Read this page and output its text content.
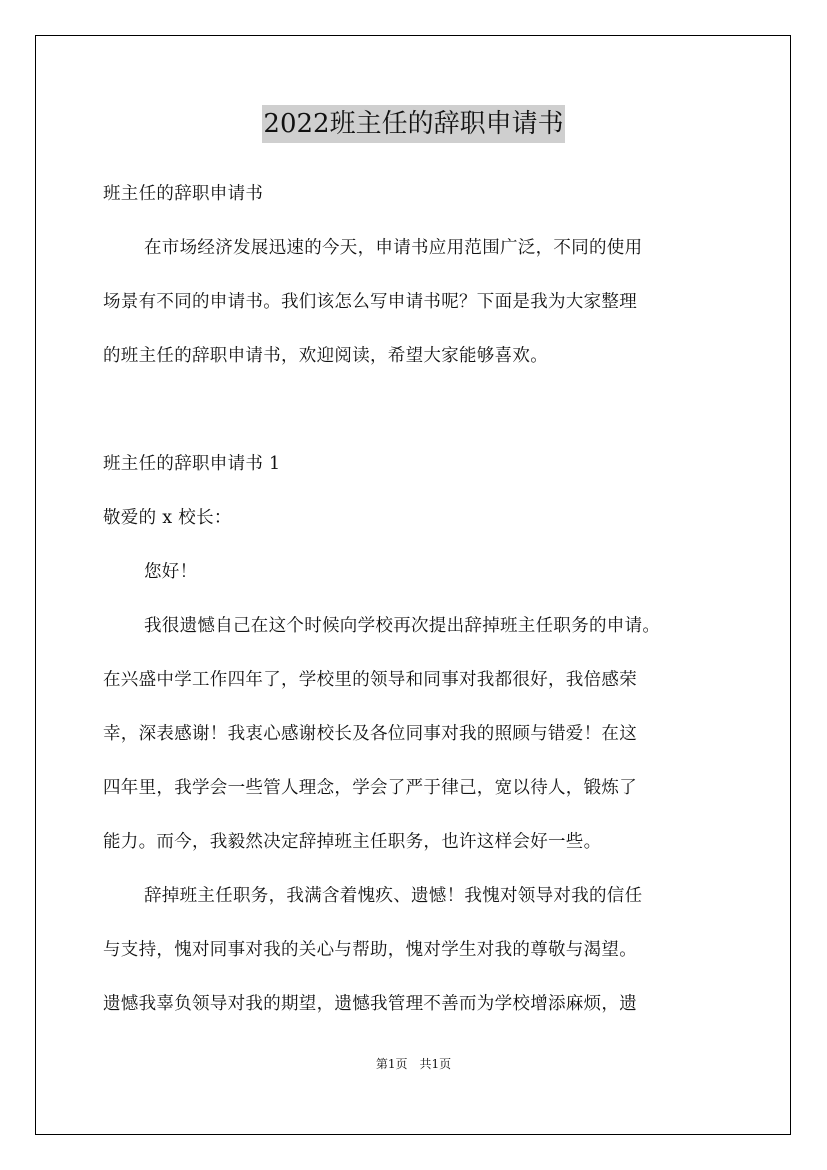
2022班主任的辞职申请书

班主任的辞职申请书

在市场经济发展迅速的今天，申请书应用范围广泛，不同的使用

场景有不同的申请书。我们该怎么写申请书呢？下面是我为大家整理

的班主任的辞职申请书，欢迎阅读，希望大家能够喜欢。

班主任的辞职申请书 1

敬爱的 x 校长：

您好！

我很遗憾自己在这个时候向学校再次提出辞掉班主任职务的申请。

在兴盛中学工作四年了，学校里的领导和同事对我都很好，我倍感荣

幸，深表感谢！我衷心感谢校长及各位同事对我的照顾与错爱！在这

四年里，我学会一些管人理念，学会了严于律己，宽以待人，锻炼了

能力。而今，我毅然决定辞掉班主任职务，也许这样会好一些。

辞掉班主任职务，我满含着愧疚、遗憾！我愧对领导对我的信任

与支持，愧对同事对我的关心与帮助，愧对学生对我的尊敬与渴望。

遗憾我辜负领导对我的期望，遗憾我管理不善而为学校增添麻烦，遗

第1页　共1页
